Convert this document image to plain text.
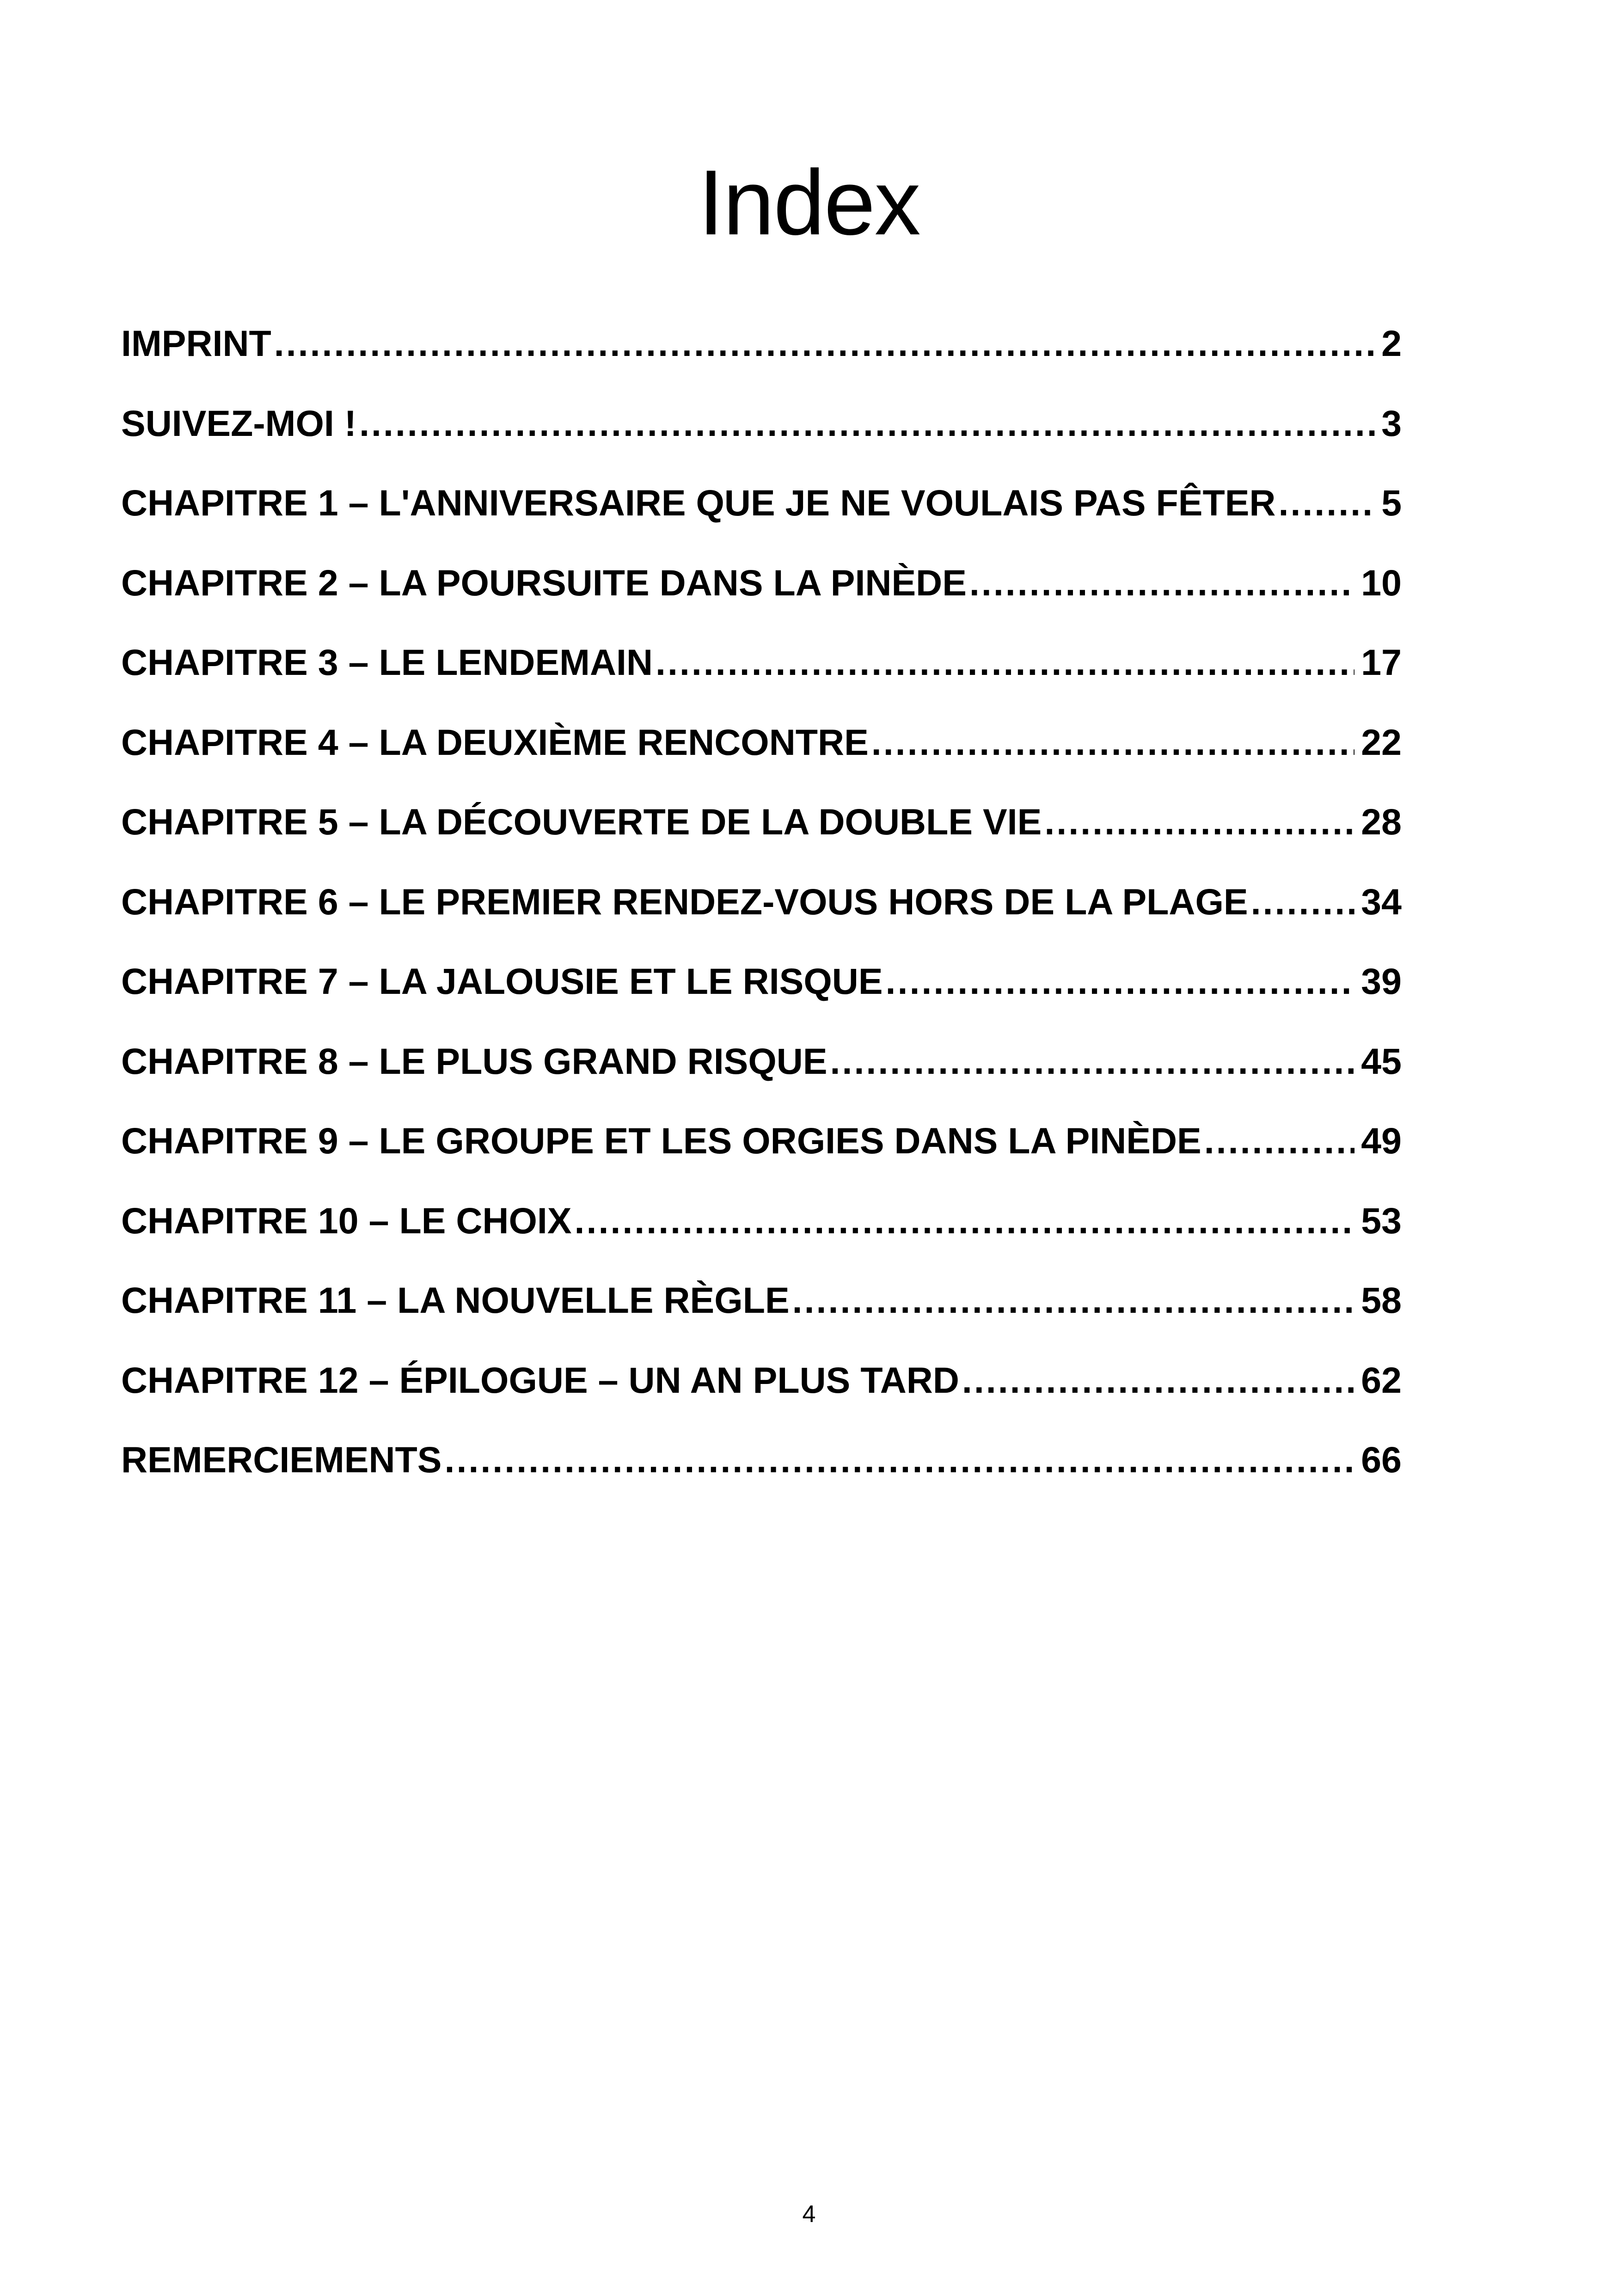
Index
IMPRINT .....	2
SUIVEZ-MOI ! .....	3
CHAPITRE 1 – L'ANNIVERSAIRE QUE JE NE VOULAIS PAS FÊTER .....	5
CHAPITRE 2 – LA POURSUITE DANS LA PINÈDE .....	10
CHAPITRE 3 – LE LENDEMAIN .....	17
CHAPITRE 4 – LA DEUXIÈME RENCONTRE .....	22
CHAPITRE 5 – LA DÉCOUVERTE DE LA DOUBLE VIE .....	28
CHAPITRE 6 – LE PREMIER RENDEZ-VOUS HORS DE LA PLAGE .....	34
CHAPITRE 7 – LA JALOUSIE ET LE RISQUE .....	39
CHAPITRE 8 – LE PLUS GRAND RISQUE .....	45
CHAPITRE 9 – LE GROUPE ET LES ORGIES DANS LA PINÈDE .....	49
CHAPITRE 10 – LE CHOIX .....	53
CHAPITRE 11 – LA NOUVELLE RÈGLE .....	58
CHAPITRE 12 – ÉPILOGUE – UN AN PLUS TARD .....	62
REMERCIEMENTS .....	66
4
